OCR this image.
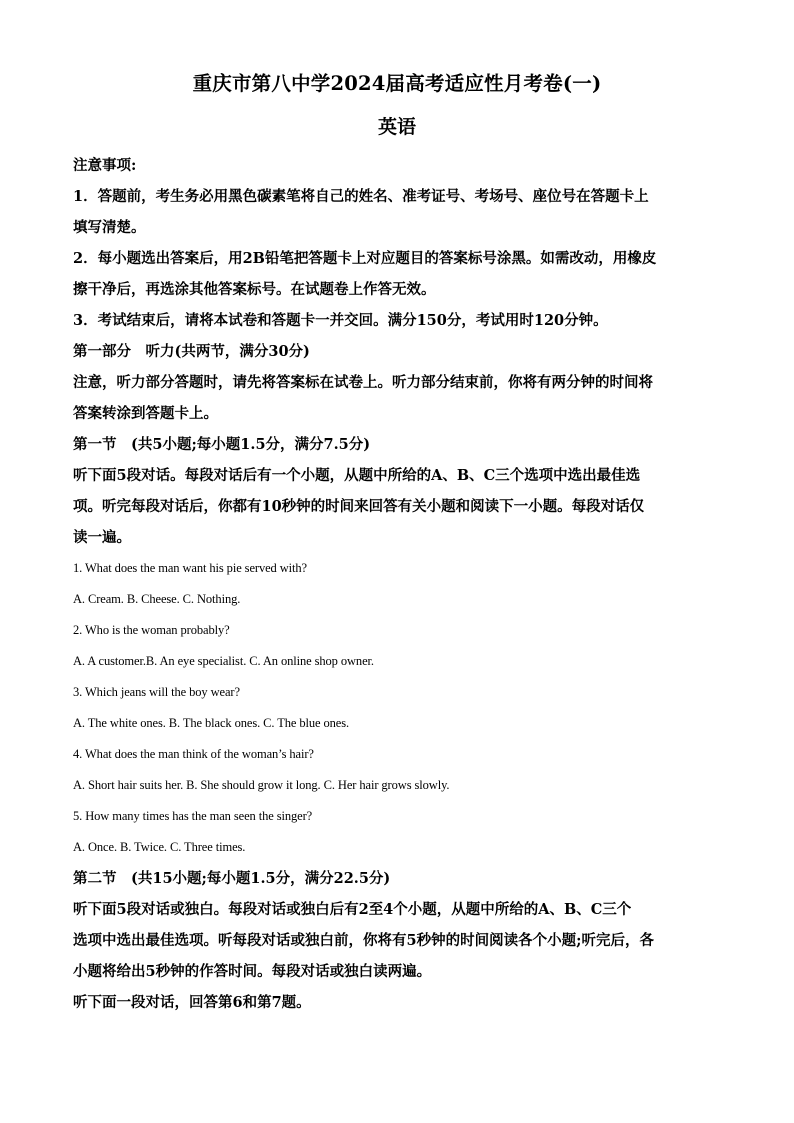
重庆市第八中学2024届高考适应性月考卷(一)
英语

注意事项:

1．答题前，考生务必用黑色碳素笔将自己的姓名、准考证号、考场号、座位号在答题卡上

填写清楚。

2．每小题选出答案后，用2B铅笔把答题卡上对应题目的答案标号涂黑。如需改动，用橡皮

擦干净后，再选涂其他答案标号。在试题卷上作答无效。

3．考试结束后，请将本试卷和答题卡一并交回。满分150分，考试用时120分钟。

第一部分　听力(共两节，满分30分)

注意，听力部分答题时，请先将答案标在试卷上。听力部分结束前，你将有两分钟的时间将

答案转涂到答题卡上。

第一节　(共5小题;每小题1.5分，满分7.5分)

听下面5段对话。每段对话后有一个小题，从题中所给的A、B、C三个选项中选出最佳选

项。听完每段对话后，你都有10秒钟的时间来回答有关小题和阅读下一小题。每段对话仅

读一遍。

1. What does the man want his pie served with?

A. Cream. B. Cheese. C. Nothing.

2. Who is the woman probably?

A. A customer.B. An eye specialist. C. An online shop owner.

3. Which jeans will the boy wear?

A. The white ones. B. The black ones. C. The blue ones.

4. What does the man think of the woman’s hair?

A. Short hair suits her. B. She should grow it long. C. Her hair grows slowly.

5. How many times has the man seen the singer?

A. Once. B. Twice. C. Three times.

第二节　(共15小题;每小题1.5分，满分22.5分)

听下面5段对话或独白。每段对话或独白后有2至4个小题，从题中所给的A、B、C三个

选项中选出最佳选项。听每段对话或独白前，你将有5秒钟的时间阅读各个小题;听完后，各

小题将给出5秒钟的作答时间。每段对话或独白读两遍。

听下面一段对话，回答第6和第7题。
